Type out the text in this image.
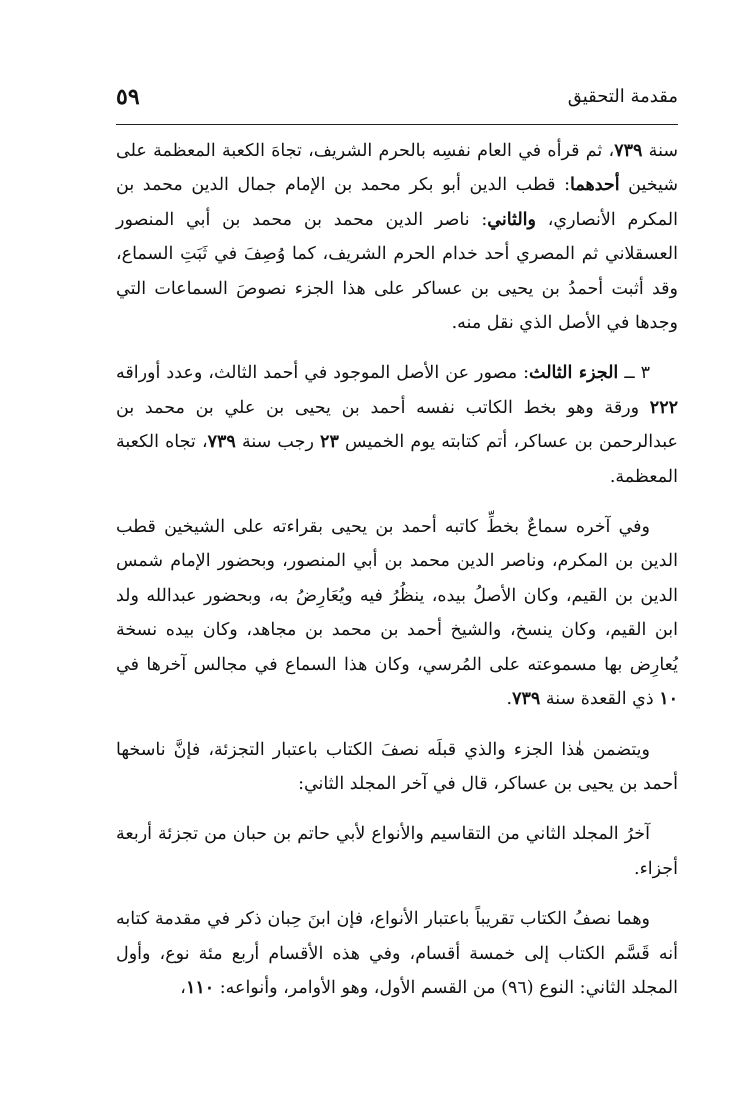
مقدمة التحقيق
٥٩

سنة ٧٣٩، ثم قرأه في العام نفسِه بالحرم الشريف، تجاهَ الكعبة المعظمة على شيخين أحدهما: قطب الدين أبو بكر محمد بن الإمام جمال الدين محمد بن المكرم الأنصاري، والثاني: ناصر الدين محمد بن محمد بن أبي المنصور العسقلاني ثم المصري أحد خدام الحرم الشريف، كما وُصِفَ في ثَبَتِ السماع، وقد أثبت أحمدُ بن يحيى بن عساكر على هذا الجزء نصوصَ السماعات التي وجدها في الأصل الذي نقل منه.

٣ ــ الجزء الثالث: مصور عن الأصل الموجود في أحمد الثالث، وعدد أوراقه ٢٢٢ ورقة وهو بخط الكاتب نفسه أحمد بن يحيى بن علي بن محمد بن عبدالرحمن بن عساكر، أتم كتابته يوم الخميس ٢٣ رجب سنة ٧٣٩، تجاه الكعبة المعظمة.

وفي آخره سماعٌ بخطِّ كاتبه أحمد بن يحيى بقراءته على الشيخين قطب الدين بن المكرم، وناصر الدين محمد بن أبي المنصور، وبحضور الإمام شمس الدين بن القيم، وكان الأصلُ بيده، ينظُرُ فيه ويُعَارِضُ به، وبحضور عبدالله ولد ابن القيم، وكان ينسخ، والشيخ أحمد بن محمد بن مجاهد، وكان بيده نسخة يُعارِض بها مسموعته على المُرسي، وكان هذا السماع في مجالس آخرها في ١٠ ذي القعدة سنة ٧٣٩.

ويتضمن هٰذا الجزء والذي قبلَه نصفَ الكتاب باعتبار التجزئة، فإنَّ ناسخها أحمد بن يحيى بن عساكر، قال في آخر المجلد الثاني:

آخرُ المجلد الثاني من التقاسيم والأنواع لأبي حاتم بن حبان من تجزئة أربعة أجزاء.

وهما نصفُ الكتاب تقريباً باعتبار الأنواع، فإن ابنَ حِبان ذكر في مقدمة كتابه أنه قَسَّم الكتاب إلى خمسة أقسام، وفي هذه الأقسام أربع مئة نوع، وأول المجلد الثاني: النوع (٩٦) من القسم الأول، وهو الأوامر، وأنواعه: ١١٠،
